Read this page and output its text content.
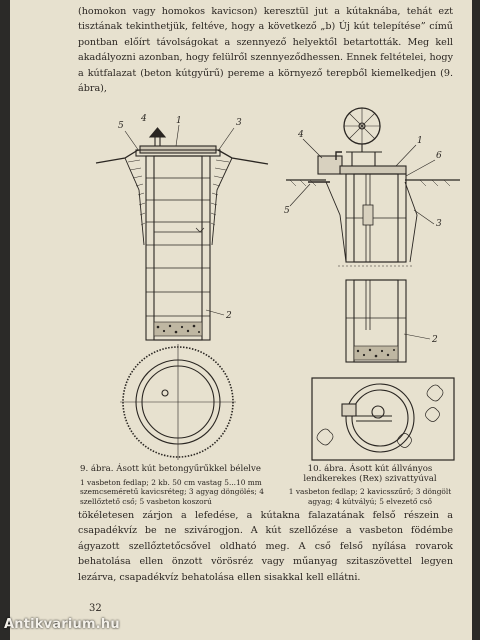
(homokon vagy homokos kavicson) keresztül jut a kútaknába, tehát ezt tisztának tekinthetjük, feltéve, hogy a következő „b) Új kút telepítése” című pontban előírt távolságokat a szennyező helyektől betartották. Meg kell akadályozni azonban, hogy felülről szennyeződhessen. Ennek feltételei, hogy a kútfalazat (beton kútgyűrű) pereme a környező terepből kiemelkedjen (9. ábra),

5
4	1	3
2
4
1
6
5
3
2
9. ábra. Ásott kút betongyűrűkkel bélelve
1 vasbeton fedlap; 2 kb. 50 cm vastag 5...10 mm szemcseméretű kavicsréteg; 3 agyag döngölés; 4 szellőztető cső; 5 vasbeton koszorú
10. ábra. Ásott kút állványos lendkerekes (Rex) szivattyúval
1 vasbeton fedlap; 2 kavicsszűrő; 3 döngölt agyag; 4 kútvályú; 5 elvezető cső

tökéletesen zárjon a lefedése, a kútakna falazatának felső részein a csapadékvíz be ne szivárogjon. A kút szellőzése a vasbeton födémbe ágyazott szellőztetőcsővel oldható meg. A cső felső nyílása rovarok behatolása ellen önzott vörösréz vagy műanyag szitaszövettel legyen lezárva, csapadékvíz behatolása ellen sisakkal kell ellátni.

32
Antikvarium.hu
